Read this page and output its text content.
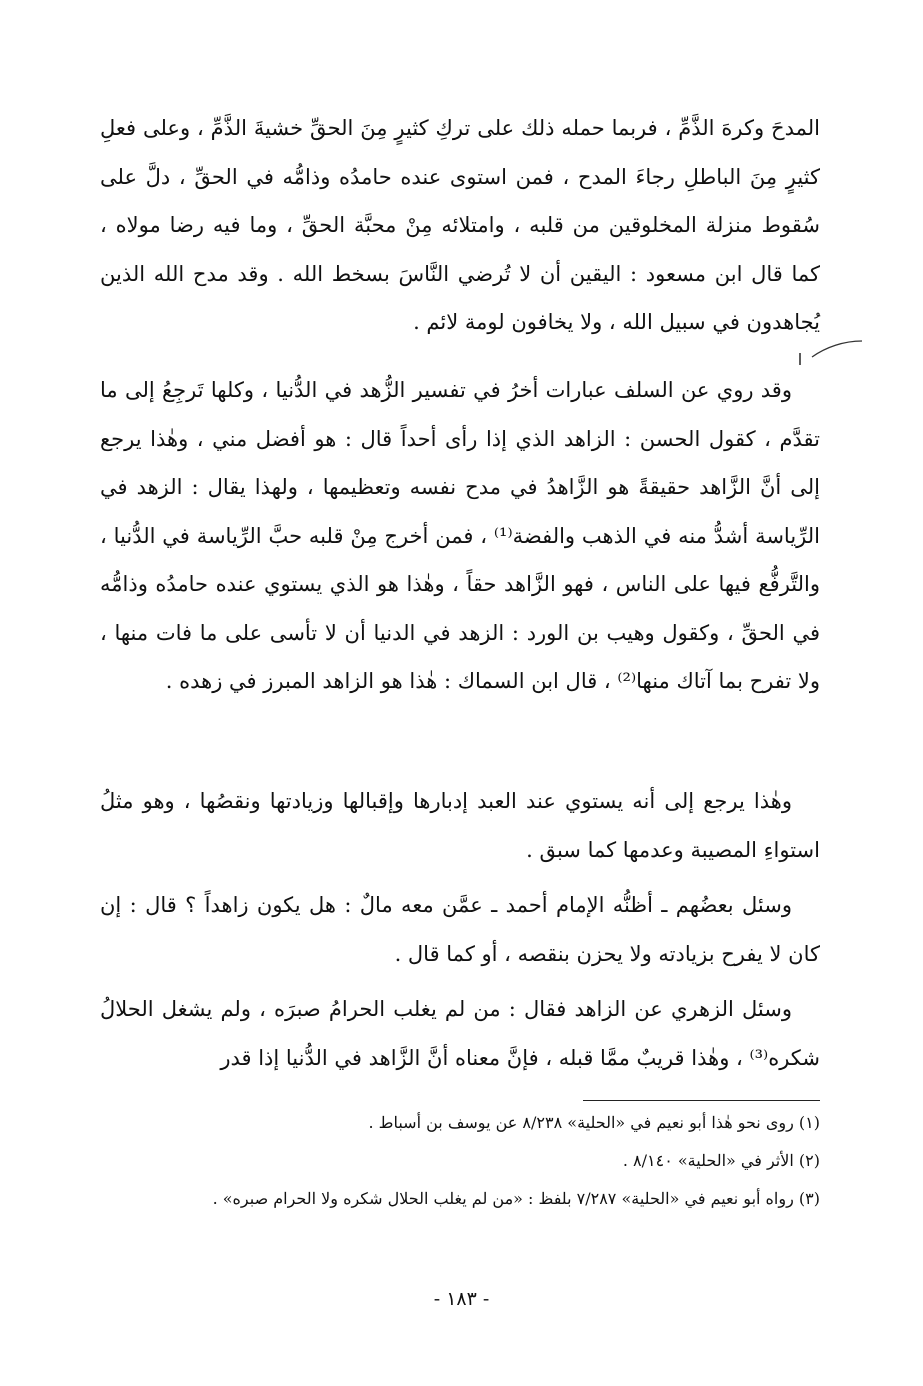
المدحَ وكرهَ الذَّمِّ ، فربما حمله ذلك على تركِ كثيرٍ مِنَ الحقِّ خشيةَ الذَّمِّ ، وعلى فعلِ كثيرٍ مِنَ الباطلِ رجاءَ المدح ، فمن استوى عنده حامدُه وذامُّه في الحقِّ ، دلَّ على سُقوط منزلة المخلوقين من قلبه ، وامتلائه مِنْ محبَّة الحقِّ ، وما فيه رضا مولاه ، كما قال ابن مسعود : اليقين أن لا تُرضي النَّاسَ بسخط الله . وقد مدح الله الذين يُجاهدون في سبيل الله ، ولا يخافون لومة لائم .

وقد روي عن السلف عبارات أخرُ في تفسير الزُّهد في الدُّنيا ، وكلها تَرجِعُ إلى ما تقدَّم ، كقول الحسن : الزاهد الذي إذا رأى أحداً قال : هو أفضل مني ، وهٰذا يرجع إلى أنَّ الزَّاهد حقيقةً هو الزَّاهدُ في مدح نفسه وتعظيمها ، ولهذا يقال : الزهد في الرِّياسة أشدُّ منه في الذهب والفضة⁽¹⁾ ، فمن أخرج مِنْ قلبه حبَّ الرِّياسة في الدُّنيا ، والتَّرفُّع فيها على الناس ، فهو الزَّاهد حقاً ، وهٰذا هو الذي يستوي عنده حامدُه وذامُّه في الحقِّ ، وكقول وهيب بن الورد : الزهد في الدنيا أن لا تأسى على ما فات منها ، ولا تفرح بما آتاك منها⁽²⁾ ، قال ابن السماك : هٰذا هو الزاهد المبرز في زهده .

وهٰذا يرجع إلى أنه يستوي عند العبد إدبارها وإقبالها وزيادتها ونقصُها ، وهو مثلُ استواءِ المصيبة وعدمها كما سبق .

وسئل بعضُهم ـ أظنُّه الإمام أحمد ـ عمَّن معه مالٌ : هل يكون زاهداً ؟ قال : إن كان لا يفرح بزيادته ولا يحزن بنقصه ، أو كما قال .

وسئل الزهري عن الزاهد فقال : من لم يغلب الحرامُ صبرَه ، ولم يشغل الحلالُ شكره⁽³⁾ ، وهٰذا قريبٌ ممَّا قبله ، فإنَّ معناه أنَّ الزَّاهد في الدُّنيا إذا قدر

(١) روى نحو هٰذا أبو نعيم في «الحلية» ٨/٢٣٨ عن يوسف بن أسباط .

(٢) الأثر في «الحلية» ٨/١٤٠ .

(٣) رواه أبو نعيم في «الحلية» ٧/٢٨٧ بلفظ : «من لم يغلب الحلال شكره ولا الحرام صبره» .

- ١٨٣ -
